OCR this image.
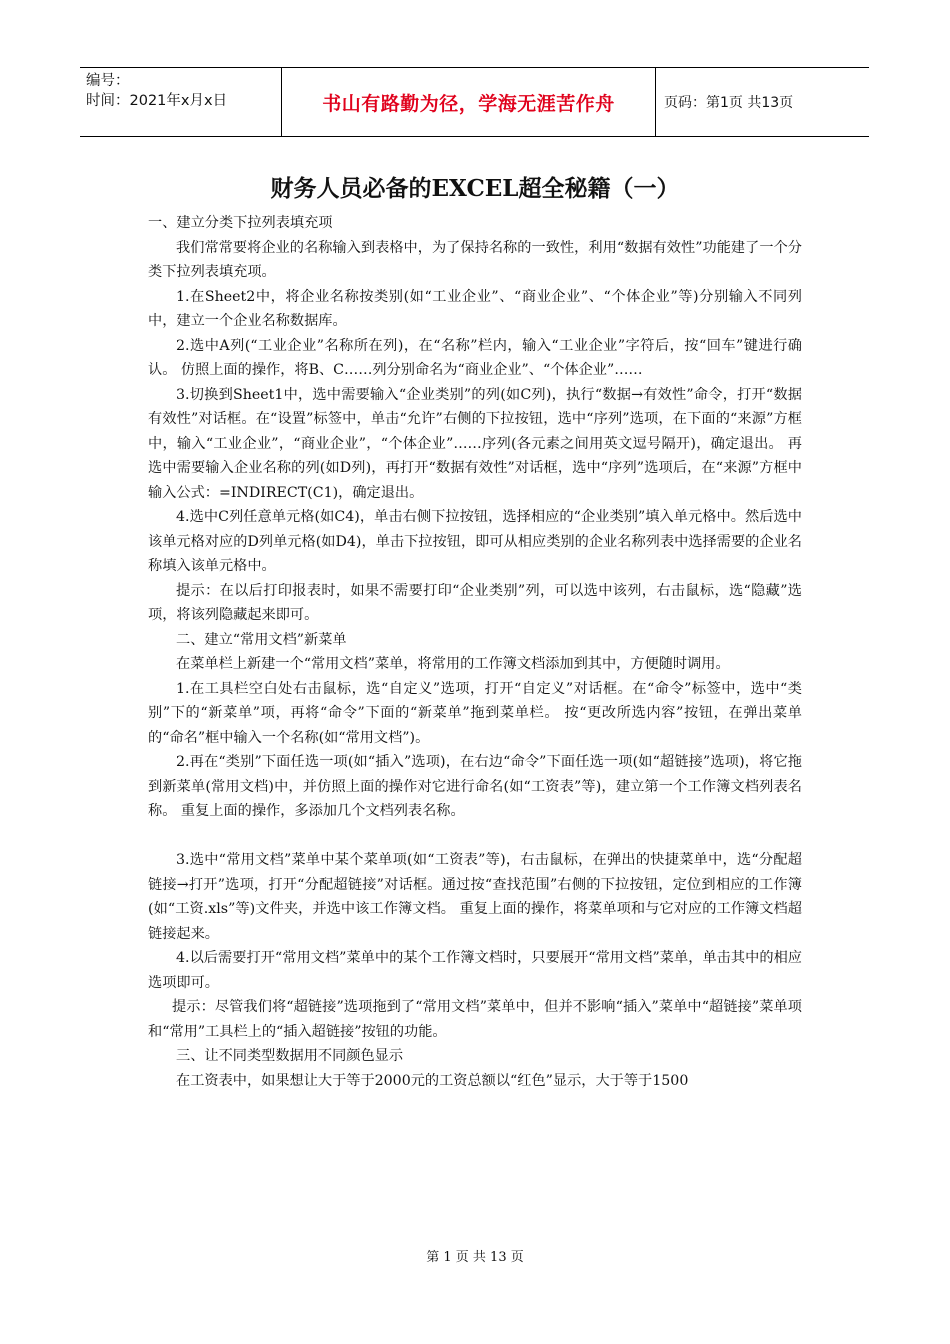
编号：
时间：2021年x月x日	书山有路勤为径，学海无涯苦作舟	页码：第1页 共13页
财务人员必备的EXCEL超全秘籍（一）

一、建立分类下拉列表填充项

我们常常要将企业的名称输入到表格中，为了保持名称的一致性，利用“数据有效性”功能建了一个分类下拉列表填充项。

1.在Sheet2中，将企业名称按类别(如“工业企业”、“商业企业”、“个体企业”等)分别输入不同列中，建立一个企业名称数据库。

2.选中A列(“工业企业”名称所在列)，在“名称”栏内，输入“工业企业”字符后，按“回车”键进行确认。 仿照上面的操作，将B、C……列分别命名为“商业企业”、“个体企业”……

3.切换到Sheet1中，选中需要输入“企业类别”的列(如C列)，执行“数据→有效性”命令，打开“数据有效性”对话框。在“设置”标签中，单击“允许”右侧的下拉按钮，选中“序列”选项，在下面的“来源”方框中，输入“工业企业”，“商业企业”，“个体企业”……序列(各元素之间用英文逗号隔开)，确定退出。 再选中需要输入企业名称的列(如D列)，再打开“数据有效性”对话框，选中“序列”选项后，在“来源”方框中输入公式：=INDIRECT(C1)，确定退出。

4.选中C列任意单元格(如C4)，单击右侧下拉按钮，选择相应的“企业类别”填入单元格中。然后选中该单元格对应的D列单元格(如D4)，单击下拉按钮，即可从相应类别的企业名称列表中选择需要的企业名称填入该单元格中。

提示：在以后打印报表时，如果不需要打印“企业类别”列，可以选中该列，右击鼠标，选“隐藏”选项，将该列隐藏起来即可。

二、建立“常用文档”新菜单

在菜单栏上新建一个“常用文档”菜单，将常用的工作簿文档添加到其中，方便随时调用。

1.在工具栏空白处右击鼠标，选“自定义”选项，打开“自定义”对话框。在“命令”标签中，选中“类别”下的“新菜单”项，再将“命令”下面的“新菜单”拖到菜单栏。 按“更改所选内容”按钮，在弹出菜单的“命名”框中输入一个名称(如“常用文档”)。

2.再在“类别”下面任选一项(如“插入”选项)，在右边“命令”下面任选一项(如“超链接”选项)，将它拖到新菜单(常用文档)中，并仿照上面的操作对它进行命名(如“工资表”等)，建立第一个工作簿文档列表名称。 重复上面的操作，多添加几个文档列表名称。

3.选中“常用文档”菜单中某个菜单项(如“工资表”等)，右击鼠标，在弹出的快捷菜单中，选“分配超链接→打开”选项，打开“分配超链接”对话框。通过按“查找范围”右侧的下拉按钮，定位到相应的工作簿(如“工资.xls”等)文件夹，并选中该工作簿文档。 重复上面的操作，将菜单项和与它对应的工作簿文档超链接起来。

4.以后需要打开“常用文档”菜单中的某个工作簿文档时，只要展开“常用文档”菜单，单击其中的相应选项即可。

提示：尽管我们将“超链接”选项拖到了“常用文档”菜单中，但并不影响“插入”菜单中“超链接”菜单项和“常用”工具栏上的“插入超链接”按钮的功能。

三、让不同类型数据用不同颜色显示

在工资表中，如果想让大于等于2000元的工资总额以“红色”显示，大于等于1500

第 1 页 共 13 页
